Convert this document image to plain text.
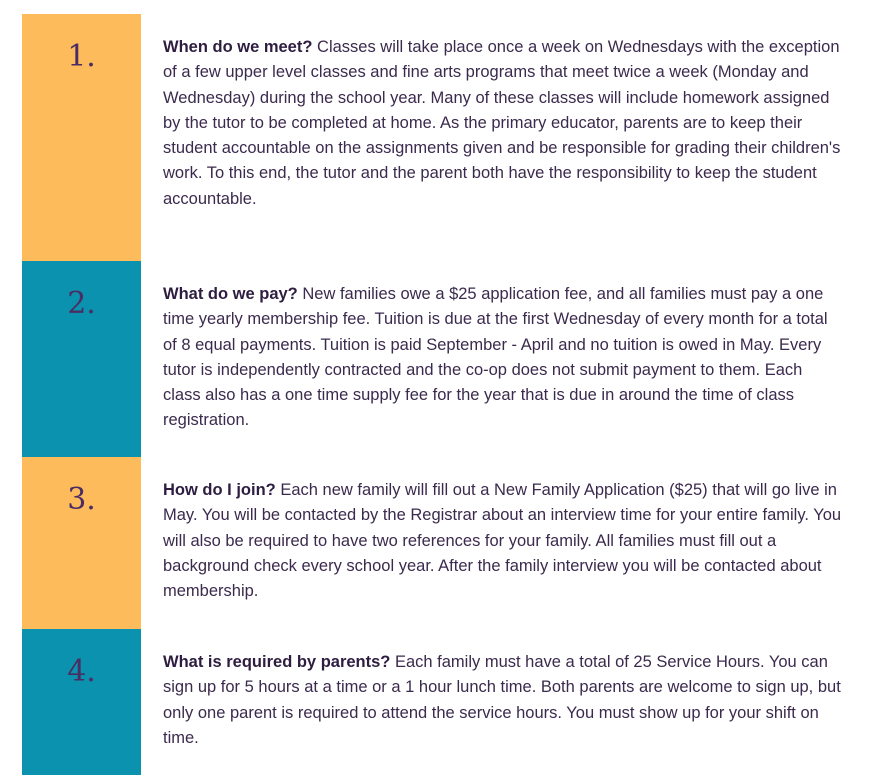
1.	When do we meet? Classes will take place once a week on Wednesdays with the exception of a few upper level classes and fine arts programs that meet twice a week (Monday and Wednesday) during the school year. Many of these classes will include homework assigned by the tutor to be completed at home. As the primary educator, parents are to keep their student accountable on the assignments given and be responsible for grading their children's work. To this end, the tutor and the parent both have the responsibility to keep the student accountable.
2.	What do we pay? New families owe a $25 application fee, and all families must pay a one time yearly membership fee. Tuition is due at the first Wednesday of every month for a total of 8 equal payments. Tuition is paid September - April and no tuition is owed in May. Every tutor is independently contracted and the co-op does not submit payment to them. Each class also has a one time supply fee for the year that is due in around the time of class registration.
3.	How do I join? Each new family will fill out a New Family Application ($25) that will go live in May. You will be contacted by the Registrar about an interview time for your entire family. You will also be required to have two references for your family. All families must fill out a background check every school year. After the family interview you will be contacted about membership.
4.	What is required by parents? Each family must have a total of 25 Service Hours. You can sign up for 5 hours at a time or a 1 hour lunch time. Both parents are welcome to sign up, but only one parent is required to attend the service hours. You must show up for your shift on time.
